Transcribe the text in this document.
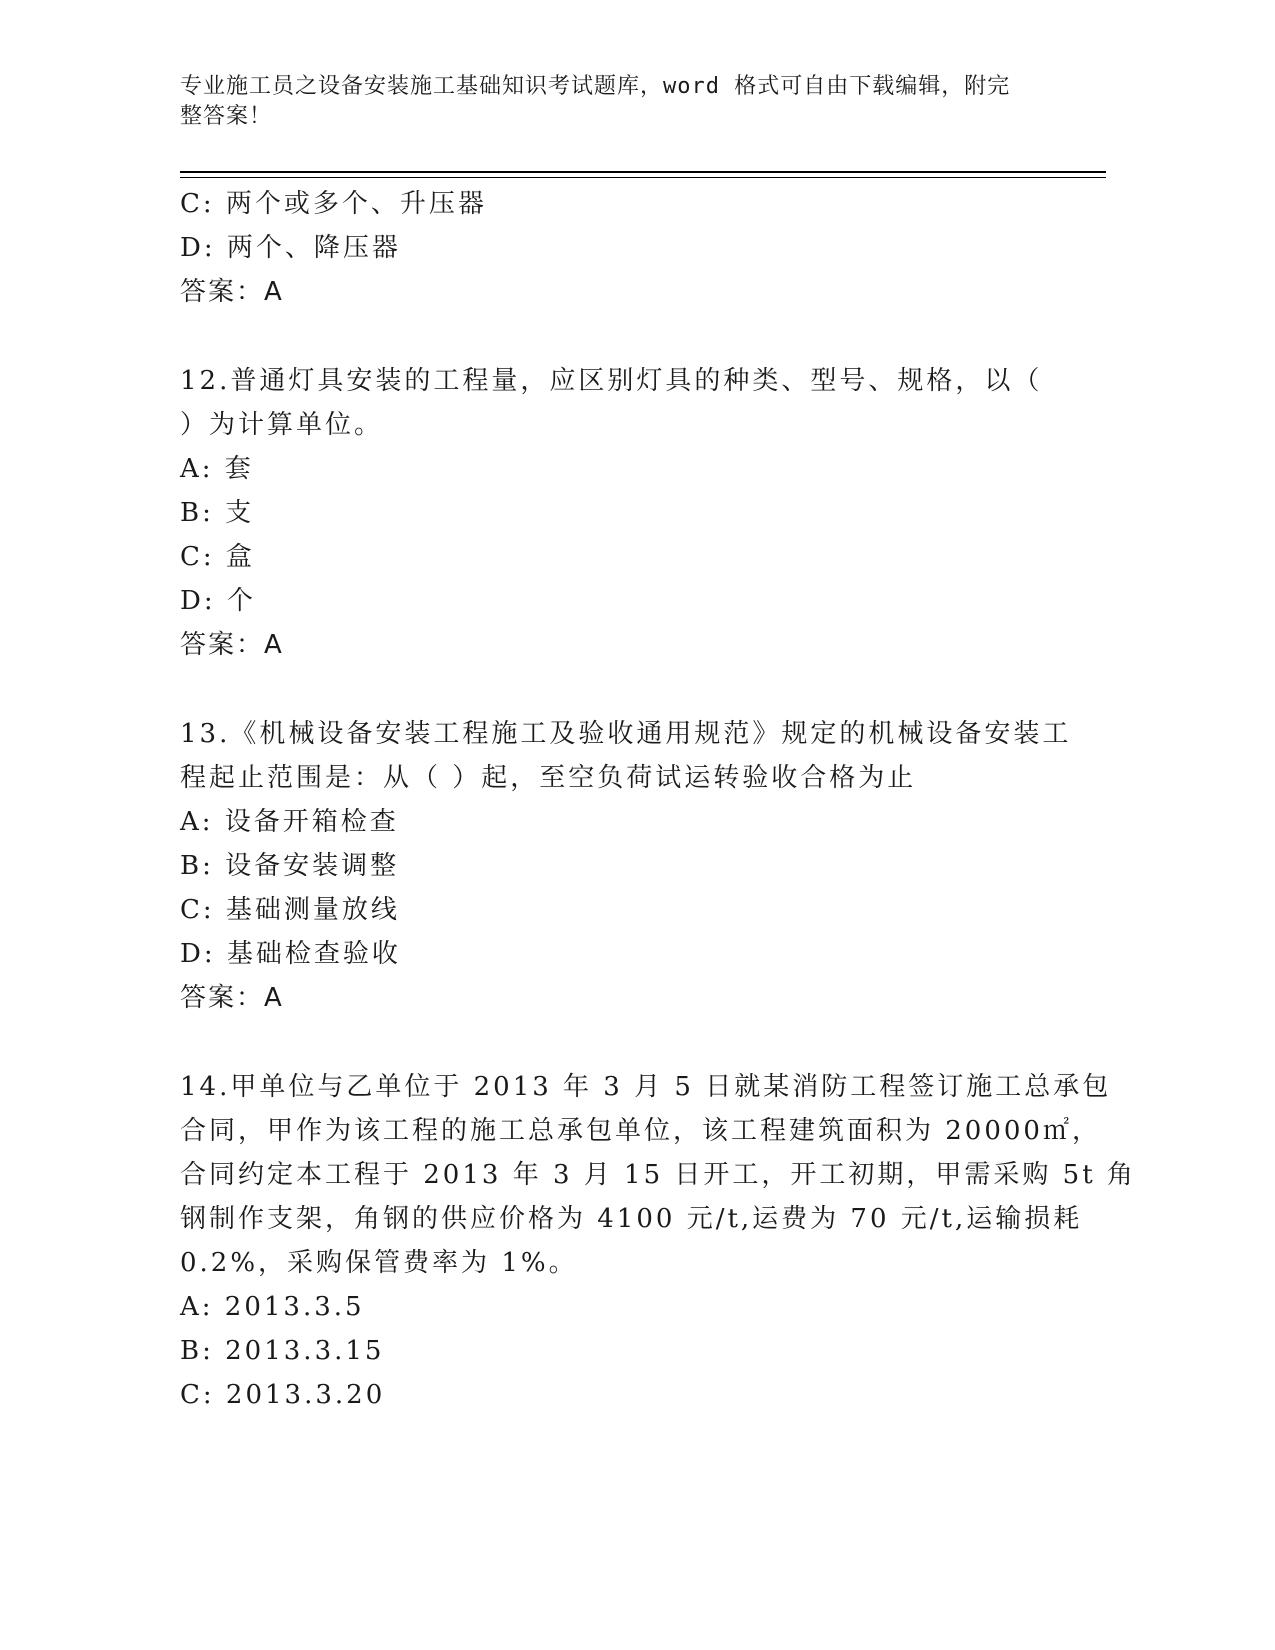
专业施工员之设备安装施工基础知识考试题库，word 格式可自由下载编辑，附完
整答案！
C: 两个或多个、升压器
D: 两个、降压器
答案：A
12.普通灯具安装的工程量，应区别灯具的种类、型号、规格，以（
）为计算单位。
A: 套
B: 支
C: 盒
D: 个
答案：A
13.《机械设备安装工程施工及验收通用规范》规定的机械设备安装工
程起止范围是：从（ ）起，至空负荷试运转验收合格为止
A: 设备开箱检查
B: 设备安装调整
C: 基础测量放线
D: 基础检查验收
答案：A
14.甲单位与乙单位于 2013 年 3 月 5 日就某消防工程签订施工总承包
合同，甲作为该工程的施工总承包单位，该工程建筑面积为 20000㎡，
合同约定本工程于 2013 年 3 月 15 日开工，开工初期，甲需采购 5t 角
钢制作支架，角钢的供应价格为 4100 元/t,运费为 70 元/t,运输损耗
0.2%，采购保管费率为 1%。
A: 2013.3.5
B: 2013.3.15
C: 2013.3.20
